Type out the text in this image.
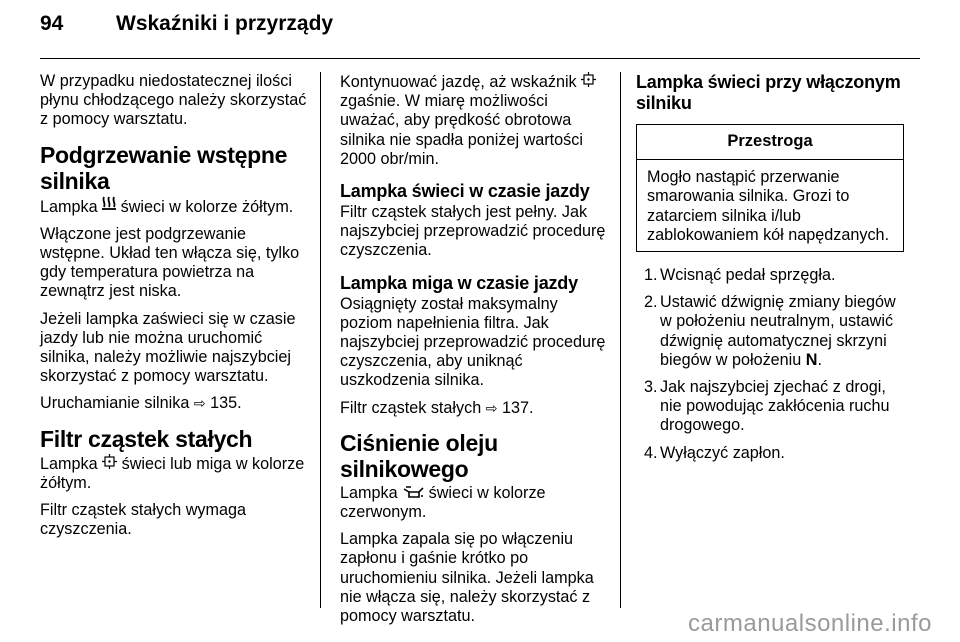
94	Wskaźniki i przyrządy

W przypadku niedostatecznej ilości płynu chłodzącego należy skorzystać z pomocy warsztatu.

Podgrzewanie wstępne silnika

Lampka świeci w kolorze żółtym.

Włączone jest podgrzewanie wstępne. Układ ten włącza się, tylko gdy temperatura powietrza na zewnątrz jest niska.

Jeżeli lampka zaświeci się w czasie jazdy lub nie można uruchomić silnika, należy możliwie najszybciej skorzystać z pomocy warsztatu.

Uruchamianie silnika ⇨ 135.

Filtr cząstek stałych

Lampka świeci lub miga w kolorze żółtym.

Filtr cząstek stałych wymaga czyszczenia.

Kontynuować jazdę, aż wskaźnik  zgaśnie. W miarę możliwości uważać, aby prędkość obrotowa silnika nie spadła poniżej wartości 2000 obr/min.

Lampka świeci w czasie jazdy

Filtr cząstek stałych jest pełny. Jak najszybciej przeprowadzić procedurę czyszczenia.

Lampka miga w czasie jazdy

Osiągnięty został maksymalny poziom napełnienia filtra. Jak najszybciej przeprowadzić procedurę czyszczenia, aby uniknąć uszkodzenia silnika.

Filtr cząstek stałych ⇨ 137.

Ciśnienie oleju silnikowego

Lampka świeci w kolorze czerwonym.

Lampka zapala się po włączeniu zapłonu i gaśnie krótko po uruchomieniu silnika. Jeżeli lampka nie włącza się, należy skorzystać z pomocy warsztatu.

Lampka świeci przy włączonym silniku
Przestroga
Mogło nastąpić przerwanie smarowania silnika. Grozi to zatarciem silnika i/lub zablokowaniem kół napędzanych.
1. Wcisnąć pedał sprzęgła.
2. Ustawić dźwignię zmiany biegów w położeniu neutralnym, ustawić dźwignię automatycznej skrzyni biegów w położeniu N.
3. Jak najszybciej zjechać z drogi, nie powodując zakłócenia ruchu drogowego.
4. Wyłączyć zapłon.
carmanualsonline.info
